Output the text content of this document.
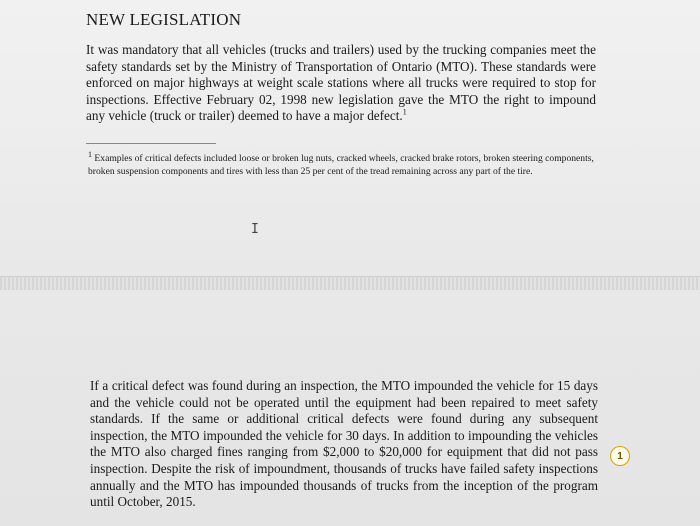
NEW LEGISLATION

It was mandatory that all vehicles (trucks and trailers) used by the trucking companies meet the safety standards set by the Ministry of Transportation of Ontario (MTO). These standards were enforced on major highways at weight scale stations where all trucks were required to stop for inspections. Effective February 02, 1998 new legislation gave the MTO the right to impound any vehicle (truck or trailer) deemed to have a major defect.$^1$

$^1$ Examples of critical defects included loose or broken lug nuts, cracked wheels, cracked brake rotors, broken steering components, broken suspension components and tires with less than 25 per cent of the tread remaining across any part of the tire.

I

If a critical defect was found during an inspection, the MTO impounded the vehicle for 15 days and the vehicle could not be operated until the equipment had been repaired to meet safety standards. If the same or additional critical defects were found during any subsequent inspection, the MTO impounded the vehicle for 30 days. In addition to impounding the vehicles the MTO also charged fines ranging from $2,000 to $20,000 for equipment that did not pass inspection. Despite the risk of impoundment, thousands of trucks have failed safety inspections annually and the MTO has impounded thousands of trucks from the inception of the program until October, 2015.

1
